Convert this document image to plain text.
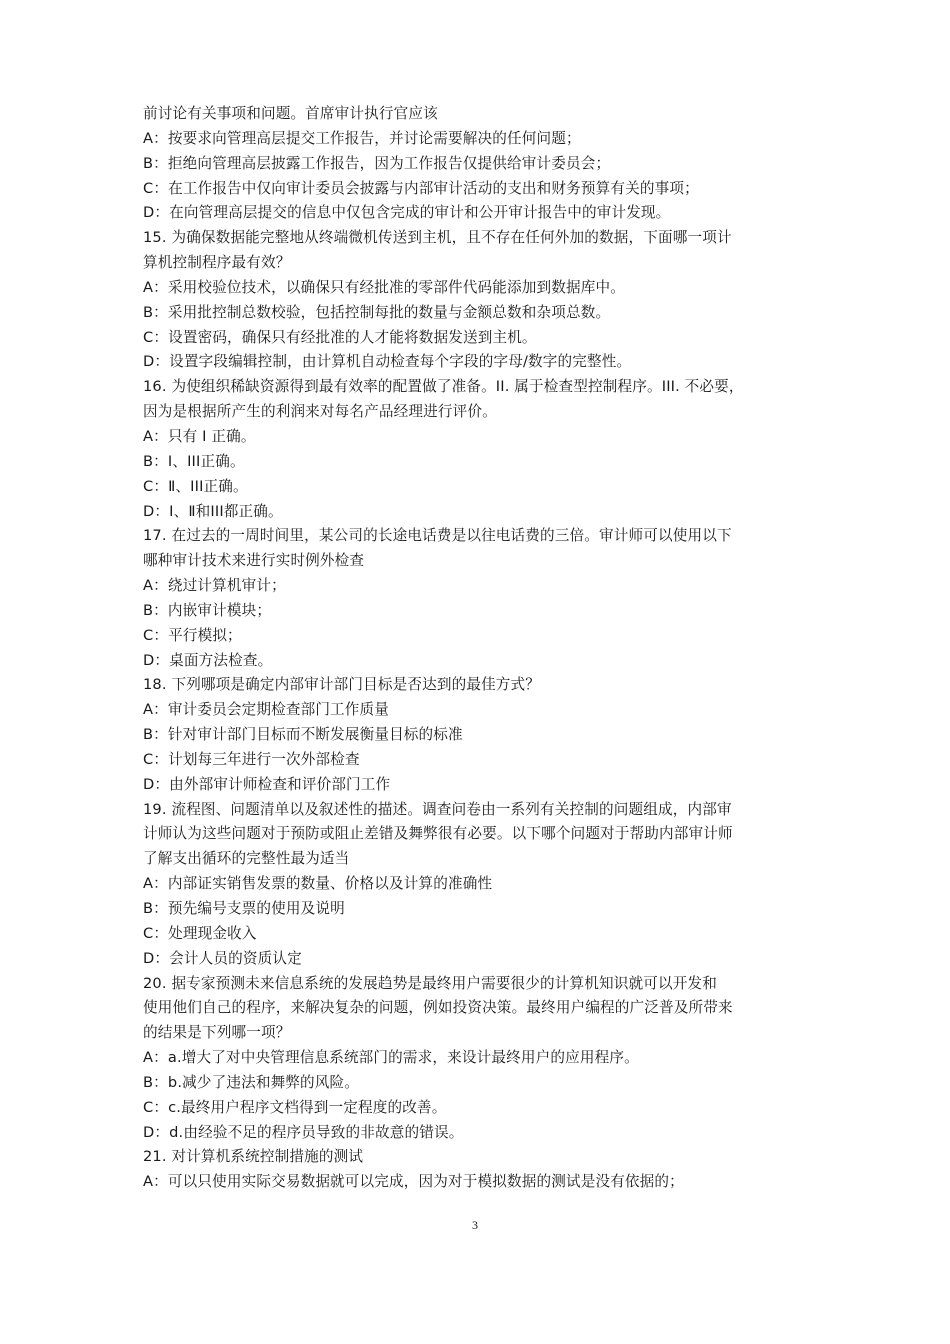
前讨论有关事项和问题。首席审计执行官应该
A：按要求向管理高层提交工作报告，并讨论需要解决的任何问题；
B：拒绝向管理高层披露工作报告，因为工作报告仅提供给审计委员会；
C：在工作报告中仅向审计委员会披露与内部审计活动的支出和财务预算有关的事项；
D：在向管理高层提交的信息中仅包含完成的审计和公开审计报告中的审计发现。
15. 为确保数据能完整地从终端微机传送到主机，且不存在任何外加的数据，下面哪一项计
算机控制程序最有效？
A：采用校验位技术，以确保只有经批准的零部件代码能添加到数据库中。
B：采用批控制总数校验，包括控制每批的数量与金额总数和杂项总数。
C：设置密码，确保只有经批准的人才能将数据发送到主机。
D：设置字段编辑控制，由计算机自动检查每个字段的字母/数字的完整性。
16. 为使组织稀缺资源得到最有效率的配置做了准备。II. 属于检查型控制程序。III. 不必要，
因为是根据所产生的利润来对每名产品经理进行评价。
A：只有 I 正确。
B：I、III正确。
C：Ⅱ、III正确。
D：I、Ⅱ和III都正确。
17. 在过去的一周时间里，某公司的长途电话费是以往电话费的三倍。审计师可以使用以下
哪种审计技术来进行实时例外检查
A：绕过计算机审计；
B：内嵌审计模块；
C：平行模拟；
D：桌面方法检查。
18. 下列哪项是确定内部审计部门目标是否达到的最佳方式？
A：审计委员会定期检查部门工作质量
B：针对审计部门目标而不断发展衡量目标的标准
C：计划每三年进行一次外部检查
D：由外部审计师检查和评价部门工作
19. 流程图、问题清单以及叙述性的描述。调查问卷由一系列有关控制的问题组成，内部审
计师认为这些问题对于预防或阻止差错及舞弊很有必要。以下哪个问题对于帮助内部审计师
了解支出循环的完整性最为适当
A：内部证实销售发票的数量、价格以及计算的准确性
B：预先编号支票的使用及说明
C：处理现金收入
D：会计人员的资质认定
20. 据专家预测未来信息系统的发展趋势是最终用户需要很少的计算机知识就可以开发和
使用他们自己的程序，来解决复杂的问题，例如投资决策。最终用户编程的广泛普及所带来
的结果是下列哪一项？
A：a.增大了对中央管理信息系统部门的需求，来设计最终用户的应用程序。
B：b.减少了违法和舞弊的风险。
C：c.最终用户程序文档得到一定程度的改善。
D：d.由经验不足的程序员导致的非故意的错误。
21. 对计算机系统控制措施的测试
A：可以只使用实际交易数据就可以完成，因为对于模拟数据的测试是没有依据的；
3
